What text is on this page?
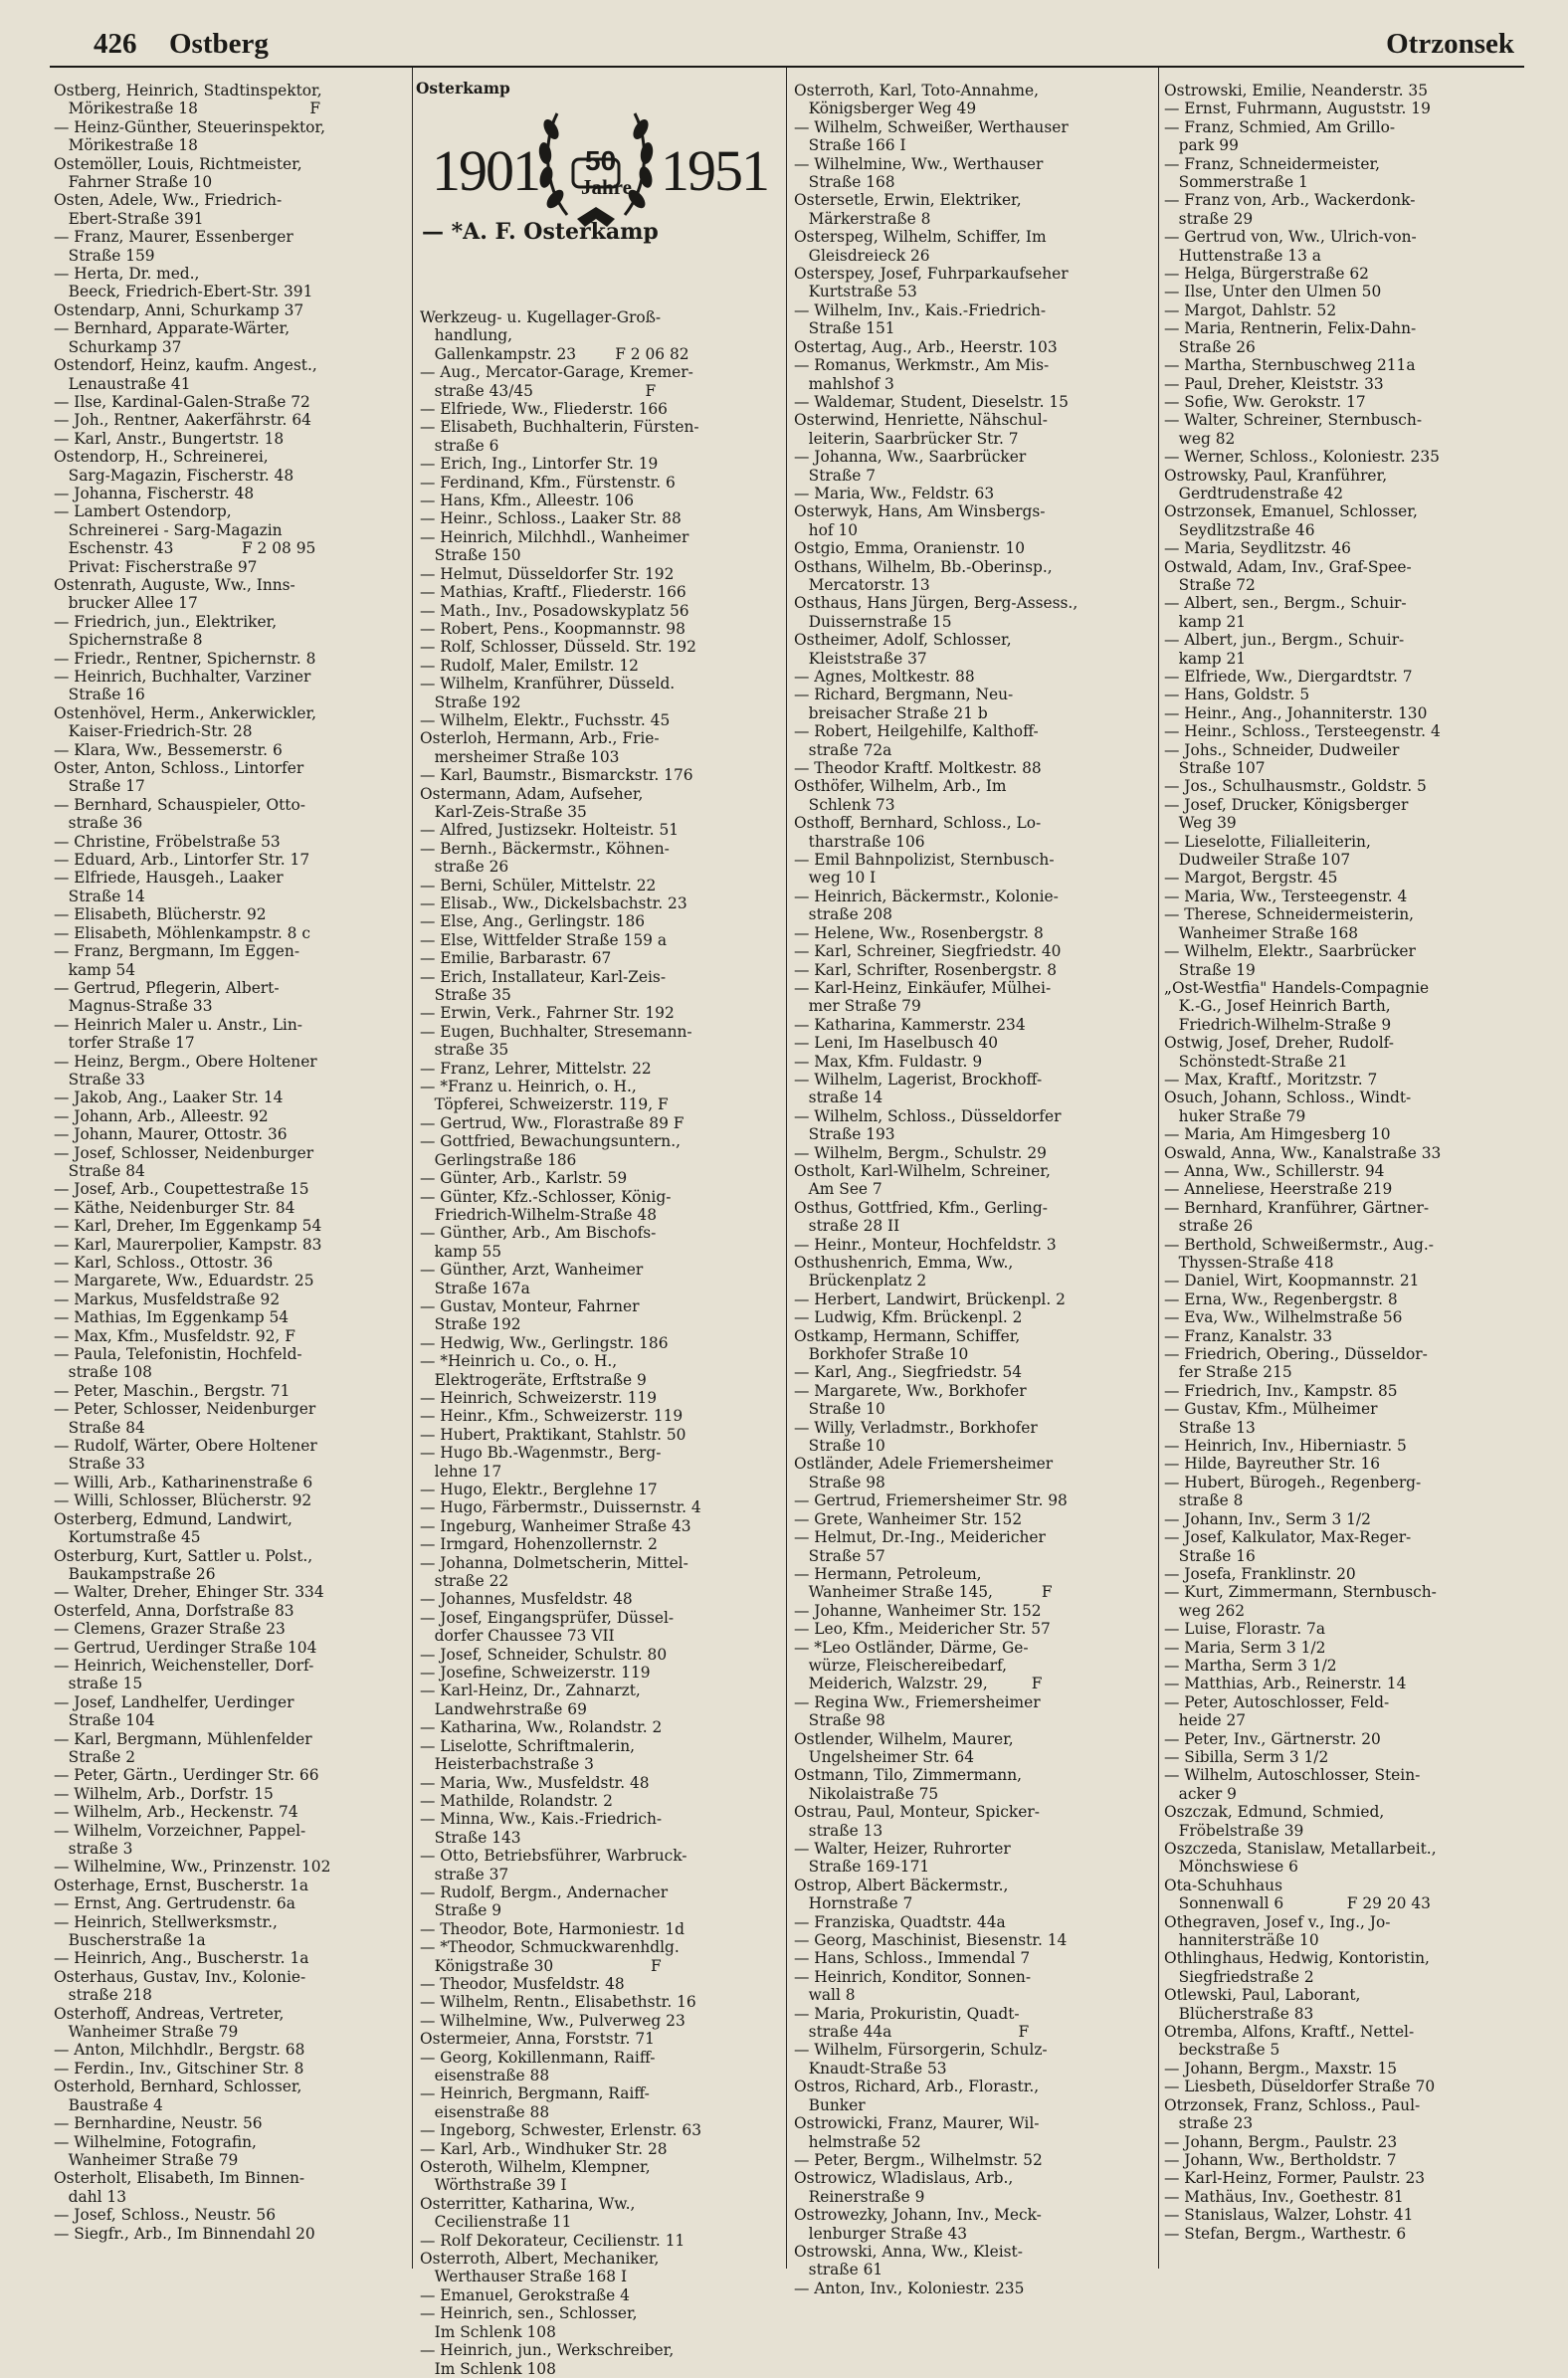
426 Ostberg	Otrzonsek
Ostberg, Heinrich, Stadtinspektor,
Mörikestraße 18                       F
— Heinz-Günther, Steuerinspektor,
Mörikestraße 18
Ostemöller, Louis, Richtmeister,
Fahrner Straße 10
Osten, Adele, Ww., Friedrich-
Ebert-Straße 391
— Franz, Maurer, Essenberger
Straße 159
— Herta, Dr. med.,
Beeck, Friedrich-Ebert-Str. 391
Ostendarp, Anni, Schurkamp 37
— Bernhard, Apparate-Wärter,
Schurkamp 37
Ostendorf, Heinz, kaufm. Angest.,
Lenaustraße 41
— Ilse, Kardinal-Galen-Straße 72
— Joh., Rentner, Aakerfährstr. 64
— Karl, Anstr., Bungertstr. 18
Ostendorp, H., Schreinerei,
Sarg-Magazin, Fischerstr. 48
— Johanna, Fischerstr. 48
— Lambert Ostendorp,
Schreinerei - Sarg-Magazin
Eschenstr. 43              F 2 08 95
Privat: Fischerstraße 97
Ostenrath, Auguste, Ww., Inns-
brucker Allee 17
— Friedrich, jun., Elektriker,
Spichernstraße 8
— Friedr., Rentner, Spichernstr. 8
— Heinrich, Buchhalter, Varziner
Straße 16
Ostenhövel, Herm., Ankerwickler,
Kaiser-Friedrich-Str. 28
— Klara, Ww., Bessemerstr. 6
Oster, Anton, Schloss., Lintorfer
Straße 17
— Bernhard, Schauspieler, Otto-
straße 36
— Christine, Fröbelstraße 53
— Eduard, Arb., Lintorfer Str. 17
— Elfriede, Hausgeh., Laaker
Straße 14
— Elisabeth, Blücherstr. 92
— Elisabeth, Möhlenkampstr. 8 c
— Franz, Bergmann, Im Eggen-
kamp 54
— Gertrud, Pflegerin, Albert-
Magnus-Straße 33
— Heinrich Maler u. Anstr., Lin-
torfer Straße 17
— Heinz, Bergm., Obere Holtener
Straße 33
— Jakob, Ang., Laaker Str. 14
— Johann, Arb., Alleestr. 92
— Johann, Maurer, Ottostr. 36
— Josef, Schlosser, Neidenburger
Straße 84
— Josef, Arb., Coupettestraße 15
— Käthe, Neidenburger Str. 84
— Karl, Dreher, Im Eggenkamp 54
— Karl, Maurerpolier, Kampstr. 83
— Karl, Schloss., Ottostr. 36
— Margarete, Ww., Eduardstr. 25
— Markus, Musfeldstraße 92
— Mathias, Im Eggenkamp 54
— Max, Kfm., Musfeldstr. 92, F
— Paula, Telefonistin, Hochfeld-
straße 108
— Peter, Maschin., Bergstr. 71
— Peter, Schlosser, Neidenburger
Straße 84
— Rudolf, Wärter, Obere Holtener
Straße 33
— Willi, Arb., Katharinenstraße 6
— Willi, Schlosser, Blücherstr. 92
Osterberg, Edmund, Landwirt,
Kortumstraße 45
Osterburg, Kurt, Sattler u. Polst.,
Baukampstraße 26
— Walter, Dreher, Ehinger Str. 334
Osterfeld, Anna, Dorfstraße 83
— Clemens, Grazer Straße 23
— Gertrud, Uerdinger Straße 104
— Heinrich, Weichensteller, Dorf-
straße 15
— Josef, Landhelfer, Uerdinger
Straße 104
— Karl, Bergmann, Mühlenfelder
Straße 2
— Peter, Gärtn., Uerdinger Str. 66
— Wilhelm, Arb., Dorfstr. 15
— Wilhelm, Arb., Heckenstr. 74
— Wilhelm, Vorzeichner, Pappel-
straße 3
— Wilhelmine, Ww., Prinzenstr. 102
Osterhage, Ernst, Buscherstr. 1a
— Ernst, Ang. Gertrudenstr. 6a
— Heinrich, Stellwerksmstr.,
Buscherstraße 1a
— Heinrich, Ang., Buscherstr. 1a
Osterhaus, Gustav, Inv., Kolonie-
straße 218
Osterhoff, Andreas, Vertreter,
Wanheimer Straße 79
— Anton, Milchhdlr., Bergstr. 68
— Ferdin., Inv., Gitschiner Str. 8
Osterhold, Bernhard, Schlosser,
Baustraße 4
— Bernhardine, Neustr. 56
— Wilhelmine, Fotografin,
Wanheimer Straße 79
Osterholt, Elisabeth, Im Binnen-
dahl 13
— Josef, Schloss., Neustr. 56
— Siegfr., Arb., Im Binnendahl 20
Osterkamp
1901 50
Jahre 1951
— *A. F. Osterkamp
Werkzeug- u. Kugellager-Groß-
handlung,
Gallenkampstr. 23        F 2 06 82
— Aug., Mercator-Garage, Kremer-
straße 43/45                       F
— Elfriede, Ww., Fliederstr. 166
— Elisabeth, Buchhalterin, Fürsten-
straße 6
— Erich, Ing., Lintorfer Str. 19
— Ferdinand, Kfm., Fürstenstr. 6
— Hans, Kfm., Alleestr. 106
— Heinr., Schloss., Laaker Str. 88
— Heinrich, Milchhdl., Wanheimer
Straße 150
— Helmut, Düsseldorfer Str. 192
— Mathias, Kraftf., Fliederstr. 166
— Math., Inv., Posadowskyplatz 56
— Robert, Pens., Koopmannstr. 98
— Rolf, Schlosser, Düsseld. Str. 192
— Rudolf, Maler, Emilstr. 12
— Wilhelm, Kranführer, Düsseld.
Straße 192
— Wilhelm, Elektr., Fuchsstr. 45
Osterloh, Hermann, Arb., Frie-
mersheimer Straße 103
— Karl, Baumstr., Bismarckstr. 176
Ostermann, Adam, Aufseher,
Karl-Zeis-Straße 35
— Alfred, Justizsekr. Holteistr. 51
— Bernh., Bäckermstr., Köhnen-
straße 26
— Berni, Schüler, Mittelstr. 22
— Elisab., Ww., Dickelsbachstr. 23
— Else, Ang., Gerlingstr. 186
— Else, Wittfelder Straße 159 a
— Emilie, Barbarastr. 67
— Erich, Installateur, Karl-Zeis-
Straße 35
— Erwin, Verk., Fahrner Str. 192
— Eugen, Buchhalter, Stresemann-
straße 35
— Franz, Lehrer, Mittelstr. 22
— *Franz u. Heinrich, o. H.,
Töpferei, Schweizerstr. 119, F
— Gertrud, Ww., Florastraße 89 F
— Gottfried, Bewachungsuntern.,
Gerlingstraße 186
— Günter, Arb., Karlstr. 59
— Günter, Kfz.-Schlosser, König-
Friedrich-Wilhelm-Straße 48
— Günther, Arb., Am Bischofs-
kamp 55
— Günther, Arzt, Wanheimer
Straße 167a
— Gustav, Monteur, Fahrner
Straße 192
— Hedwig, Ww., Gerlingstr. 186
— *Heinrich u. Co., o. H.,
Elektrogeräte, Erftstraße 9
— Heinrich, Schweizerstr. 119
— Heinr., Kfm., Schweizerstr. 119
— Hubert, Praktikant, Stahlstr. 50
— Hugo Bb.-Wagenmstr., Berg-
lehne 17
— Hugo, Elektr., Berglehne 17
— Hugo, Färbermstr., Duissernstr. 4
— Ingeburg, Wanheimer Straße 43
— Irmgard, Hohenzollernstr. 2
— Johanna, Dolmetscherin, Mittel-
straße 22
— Johannes, Musfeldstr. 48
— Josef, Eingangsprüfer, Düssel-
dorfer Chaussee 73 VII
— Josef, Schneider, Schulstr. 80
— Josefine, Schweizerstr. 119
— Karl-Heinz, Dr., Zahnarzt,
Landwehrstraße 69
— Katharina, Ww., Rolandstr. 2
— Liselotte, Schriftmalerin,
Heisterbachstraße 3
— Maria, Ww., Musfeldstr. 48
— Mathilde, Rolandstr. 2
— Minna, Ww., Kais.-Friedrich-
Straße 143
— Otto, Betriebsführer, Warbruck-
straße 37
— Rudolf, Bergm., Andernacher
Straße 9
— Theodor, Bote, Harmoniestr. 1d
— *Theodor, Schmuckwarenhdlg.
Königstraße 30                    F
— Theodor, Musfeldstr. 48
— Wilhelm, Rentn., Elisabethstr. 16
— Wilhelmine, Ww., Pulverweg 23
Ostermeier, Anna, Forststr. 71
— Georg, Kokillenmann, Raiff-
eisenstraße 88
— Heinrich, Bergmann, Raiff-
eisenstraße 88
— Ingeborg, Schwester, Erlenstr. 63
— Karl, Arb., Windhuker Str. 28
Osteroth, Wilhelm, Klempner,
Wörthstraße 39 I
Osterritter, Katharina, Ww.,
Cecilienstraße 11
— Rolf Dekorateur, Cecilienstr. 11
Osterroth, Albert, Mechaniker,
Werthauser Straße 168 I
— Emanuel, Gerokstraße 4
— Heinrich, sen., Schlosser,
Im Schlenk 108
— Heinrich, jun., Werkschreiber,
Im Schlenk 108
Osterroth, Karl, Toto-Annahme,
Königsberger Weg 49
— Wilhelm, Schweißer, Werthauser
Straße 166 I
— Wilhelmine, Ww., Werthauser
Straße 168
Ostersetle, Erwin, Elektriker,
Märkerstraße 8
Osterspeg, Wilhelm, Schiffer, Im
Gleisdreieck 26
Osterspey, Josef, Fuhrparkaufseher
Kurtstraße 53
— Wilhelm, Inv., Kais.-Friedrich-
Straße 151
Ostertag, Aug., Arb., Heerstr. 103
— Romanus, Werkmstr., Am Mis-
mahlshof 3
— Waldemar, Student, Dieselstr. 15
Osterwind, Henriette, Nähschul-
leiterin, Saarbrücker Str. 7
— Johanna, Ww., Saarbrücker
Straße 7
— Maria, Ww., Feldstr. 63
Osterwyk, Hans, Am Winsbergs-
hof 10
Ostgio, Emma, Oranienstr. 10
Osthans, Wilhelm, Bb.-Oberinsp.,
Mercatorstr. 13
Osthaus, Hans Jürgen, Berg-Assess.,
Duissernstraße 15
Ostheimer, Adolf, Schlosser,
Kleiststraße 37
— Agnes, Moltkestr. 88
— Richard, Bergmann, Neu-
breisacher Straße 21 b
— Robert, Heilgehilfe, Kalthoff-
straße 72a
— Theodor Kraftf. Moltkestr. 88
Osthöfer, Wilhelm, Arb., Im
Schlenk 73
Osthoff, Bernhard, Schloss., Lo-
tharstraße 106
— Emil Bahnpolizist, Sternbusch-
weg 10 I
— Heinrich, Bäckermstr., Kolonie-
straße 208
— Helene, Ww., Rosenbergstr. 8
— Karl, Schreiner, Siegfriedstr. 40
— Karl, Schrifter, Rosenbergstr. 8
— Karl-Heinz, Einkäufer, Mülhei-
mer Straße 79
— Katharina, Kammerstr. 234
— Leni, Im Haselbusch 40
— Max, Kfm. Fuldastr. 9
— Wilhelm, Lagerist, Brockhoff-
straße 14
— Wilhelm, Schloss., Düsseldorfer
Straße 193
— Wilhelm, Bergm., Schulstr. 29
Ostholt, Karl-Wilhelm, Schreiner,
Am See 7
Osthus, Gottfried, Kfm., Gerling-
straße 28 II
— Heinr., Monteur, Hochfeldstr. 3
Osthushenrich, Emma, Ww.,
Brückenplatz 2
— Herbert, Landwirt, Brückenpl. 2
— Ludwig, Kfm. Brückenpl. 2
Ostkamp, Hermann, Schiffer,
Borkhofer Straße 10
— Karl, Ang., Siegfriedstr. 54
— Margarete, Ww., Borkhofer
Straße 10
— Willy, Verladmstr., Borkhofer
Straße 10
Ostländer, Adele Friemersheimer
Straße 98
— Gertrud, Friemersheimer Str. 98
— Grete, Wanheimer Str. 152
— Helmut, Dr.-Ing., Meidericher
Straße 57
— Hermann, Petroleum,
Wanheimer Straße 145,          F
— Johanne, Wanheimer Str. 152
— Leo, Kfm., Meidericher Str. 57
— *Leo Ostländer, Därme, Ge-
würze, Fleischereibedarf,
Meiderich, Walzstr. 29,         F
— Regina Ww., Friemersheimer
Straße 98
Ostlender, Wilhelm, Maurer,
Ungelsheimer Str. 64
Ostmann, Tilo, Zimmermann,
Nikolaistraße 75
Ostrau, Paul, Monteur, Spicker-
straße 13
— Walter, Heizer, Ruhrorter
Straße 169-171
Ostrop, Albert Bäckermstr.,
Hornstraße 7
— Franziska, Quadtstr. 44a
— Georg, Maschinist, Biesenstr. 14
— Hans, Schloss., Immendal 7
— Heinrich, Konditor, Sonnen-
wall 8
— Maria, Prokuristin, Quadt-
straße 44a                          F
— Wilhelm, Fürsorgerin, Schulz-
Knaudt-Straße 53
Ostros, Richard, Arb., Florastr.,
Bunker
Ostrowicki, Franz, Maurer, Wil-
helmstraße 52
— Peter, Bergm., Wilhelmstr. 52
Ostrowicz, Wladislaus, Arb.,
Reinerstraße 9
Ostrowezky, Johann, Inv., Meck-
lenburger Straße 43
Ostrowski, Anna, Ww., Kleist-
straße 61
— Anton, Inv., Koloniestr. 235
Ostrowski, Emilie, Neanderstr. 35
— Ernst, Fuhrmann, Auguststr. 19
— Franz, Schmied, Am Grillo-
park 99
— Franz, Schneidermeister,
Sommerstraße 1
— Franz von, Arb., Wackerdonk-
straße 29
— Gertrud von, Ww., Ulrich-von-
Huttenstraße 13 a
— Helga, Bürgerstraße 62
— Ilse, Unter den Ulmen 50
— Margot, Dahlstr. 52
— Maria, Rentnerin, Felix-Dahn-
Straße 26
— Martha, Sternbuschweg 211a
— Paul, Dreher, Kleiststr. 33
— Sofie, Ww. Gerokstr. 17
— Walter, Schreiner, Sternbusch-
weg 82
— Werner, Schloss., Koloniestr. 235
Ostrowsky, Paul, Kranführer,
Gerdtrudenstraße 42
Ostrzonsek, Emanuel, Schlosser,
Seydlitzstraße 46
— Maria, Seydlitzstr. 46
Ostwald, Adam, Inv., Graf-Spee-
Straße 72
— Albert, sen., Bergm., Schuir-
kamp 21
— Albert, jun., Bergm., Schuir-
kamp 21
— Elfriede, Ww., Diergardtstr. 7
— Hans, Goldstr. 5
— Heinr., Ang., Johanniterstr. 130
— Heinr., Schloss., Tersteegenstr. 4
— Johs., Schneider, Dudweiler
Straße 107
— Jos., Schulhausmstr., Goldstr. 5
— Josef, Drucker, Königsberger
Weg 39
— Lieselotte, Filialleiterin,
Dudweiler Straße 107
— Margot, Bergstr. 45
— Maria, Ww., Tersteegenstr. 4
— Therese, Schneidermeisterin,
Wanheimer Straße 168
— Wilhelm, Elektr., Saarbrücker
Straße 19
„Ost-Westfia" Handels-Compagnie
K.-G., Josef Heinrich Barth,
Friedrich-Wilhelm-Straße 9
Ostwig, Josef, Dreher, Rudolf-
Schönstedt-Straße 21
— Max, Kraftf., Moritzstr. 7
Osuch, Johann, Schloss., Windt-
huker Straße 79
— Maria, Am Himgesberg 10
Oswald, Anna, Ww., Kanalstraße 33
— Anna, Ww., Schillerstr. 94
— Anneliese, Heerstraße 219
— Bernhard, Kranführer, Gärtner-
straße 26
— Berthold, Schweißermstr., Aug.-
Thyssen-Straße 418
— Daniel, Wirt, Koopmannstr. 21
— Erna, Ww., Regenbergstr. 8
— Eva, Ww., Wilhelmstraße 56
— Franz, Kanalstr. 33
— Friedrich, Obering., Düsseldor-
fer Straße 215
— Friedrich, Inv., Kampstr. 85
— Gustav, Kfm., Mülheimer
Straße 13
— Heinrich, Inv., Hiberniastr. 5
— Hilde, Bayreuther Str. 16
— Hubert, Bürogeh., Regenberg-
straße 8
— Johann, Inv., Serm 3 1/2
— Josef, Kalkulator, Max-Reger-
Straße 16
— Josefa, Franklinstr. 20
— Kurt, Zimmermann, Sternbusch-
weg 262
— Luise, Florastr. 7a
— Maria, Serm 3 1/2
— Martha, Serm 3 1/2
— Matthias, Arb., Reinerstr. 14
— Peter, Autoschlosser, Feld-
heide 27
— Peter, Inv., Gärtnerstr. 20
— Sibilla, Serm 3 1/2
— Wilhelm, Autoschlosser, Stein-
acker 9
Oszczak, Edmund, Schmied,
Fröbelstraße 39
Oszczeda, Stanislaw, Metallarbeit.,
Mönchswiese 6
Ota-Schuhhaus
Sonnenwall 6             F 29 20 43
Othegraven, Josef v., Ing., Jo-
hannitersträße 10
Othlinghaus, Hedwig, Kontoristin,
Siegfriedstraße 2
Otlewski, Paul, Laborant,
Blücherstraße 83
Otremba, Alfons, Kraftf., Nettel-
beckstraße 5
— Johann, Bergm., Maxstr. 15
— Liesbeth, Düseldorfer Straße 70
Otrzonsek, Franz, Schloss., Paul-
straße 23
— Johann, Bergm., Paulstr. 23
— Johann, Ww., Bertholdstr. 7
— Karl-Heinz, Former, Paulstr. 23
— Mathäus, Inv., Goethestr. 81
— Stanislaus, Walzer, Lohstr. 41
— Stefan, Bergm., Warthestr. 6
